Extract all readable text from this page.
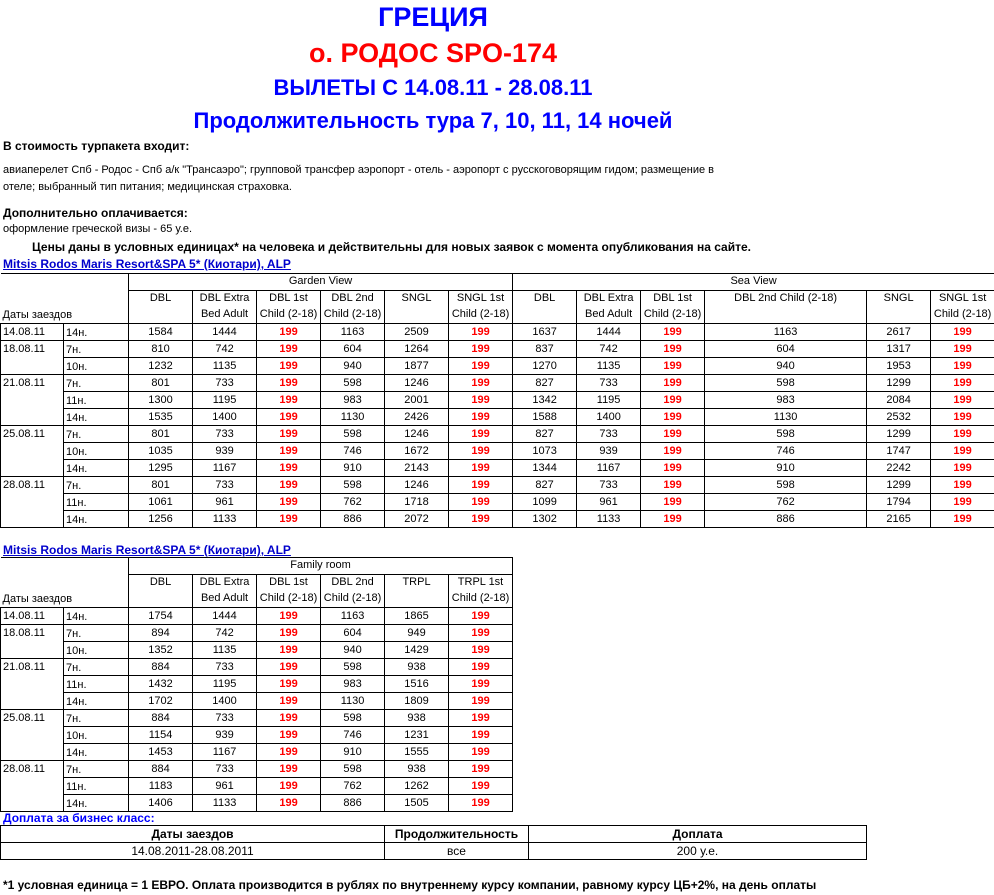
ГРЕЦИЯ
о. РОДОС SPO-174
ВЫЛЕТЫ С 14.08.11 - 28.08.11
Продолжительность тура 7, 10, 11, 14 ночей
В стоимость турпакета входит:
авиаперелет Спб - Родос - Спб а/к "Трансаэро"; групповой трансфер аэропорт - отель - аэропорт с русскоговорящим гидом; размещение в
отеле; выбранный тип питания; медицинская страховка.
Дополнительно оплачивается:
оформление греческой визы - 65 у.е.
Цены даны в условных единицах* на человека и действительны для новых заявок с момента опубликования на сайте.
Mitsis Rodos Maris Resort&SPA 5* (Киотари), ALP
Даты заездов		Garden View						Sea View					
		DBL	DBL Extra	DBL 1st	DBL 2nd	SNGL	SNGL 1st	DBL	DBL Extra	DBL 1st	DBL 2nd Child (2-18)	SNGL	SNGL 1st
			Bed Adult	Child (2-18)	Child (2-18)		Child (2-18)		Bed Adult	Child (2-18)			Child (2-18)
14.08.11	14н.	1584	1444	199	1163	2509	199	1637	1444	199	1163	2617	199
18.08.11	7н.	810	742	199	604	1264	199	837	742	199	604	1317	199
	10н.	1232	1135	199	940	1877	199	1270	1135	199	940	1953	199
21.08.11	7н.	801	733	199	598	1246	199	827	733	199	598	1299	199
	11н.	1300	1195	199	983	2001	199	1342	1195	199	983	2084	199
	14н.	1535	1400	199	1130	2426	199	1588	1400	199	1130	2532	199
25.08.11	7н.	801	733	199	598	1246	199	827	733	199	598	1299	199
	10н.	1035	939	199	746	1672	199	1073	939	199	746	1747	199
	14н.	1295	1167	199	910	2143	199	1344	1167	199	910	2242	199
28.08.11	7н.	801	733	199	598	1246	199	827	733	199	598	1299	199
	11н.	1061	961	199	762	1718	199	1099	961	199	762	1794	199
	14н.	1256	1133	199	886	2072	199	1302	1133	199	886	2165	199
Mitsis Rodos Maris Resort&SPA 5* (Киотари), ALP
Даты заездов		Family room					
		DBL	DBL Extra	DBL 1st	DBL 2nd	TRPL	TRPL 1st
			Bed Adult	Child (2-18)	Child (2-18)		Child (2-18)
14.08.11	14н.	1754	1444	199	1163	1865	199
18.08.11	7н.	894	742	199	604	949	199
	10н.	1352	1135	199	940	1429	199
21.08.11	7н.	884	733	199	598	938	199
	11н.	1432	1195	199	983	1516	199
	14н.	1702	1400	199	1130	1809	199
25.08.11	7н.	884	733	199	598	938	199
	10н.	1154	939	199	746	1231	199
	14н.	1453	1167	199	910	1555	199
28.08.11	7н.	884	733	199	598	938	199
	11н.	1183	961	199	762	1262	199
	14н.	1406	1133	199	886	1505	199
Доплата за бизнес класс:
Даты заездов	Продолжительность	Доплата
14.08.2011-28.08.2011	все	200 у.е.
*1 условная единица = 1 ЕВРО. Оплата производится в рублях по внутреннему курсу компании, равному курсу ЦБ+2%, на день оплаты
